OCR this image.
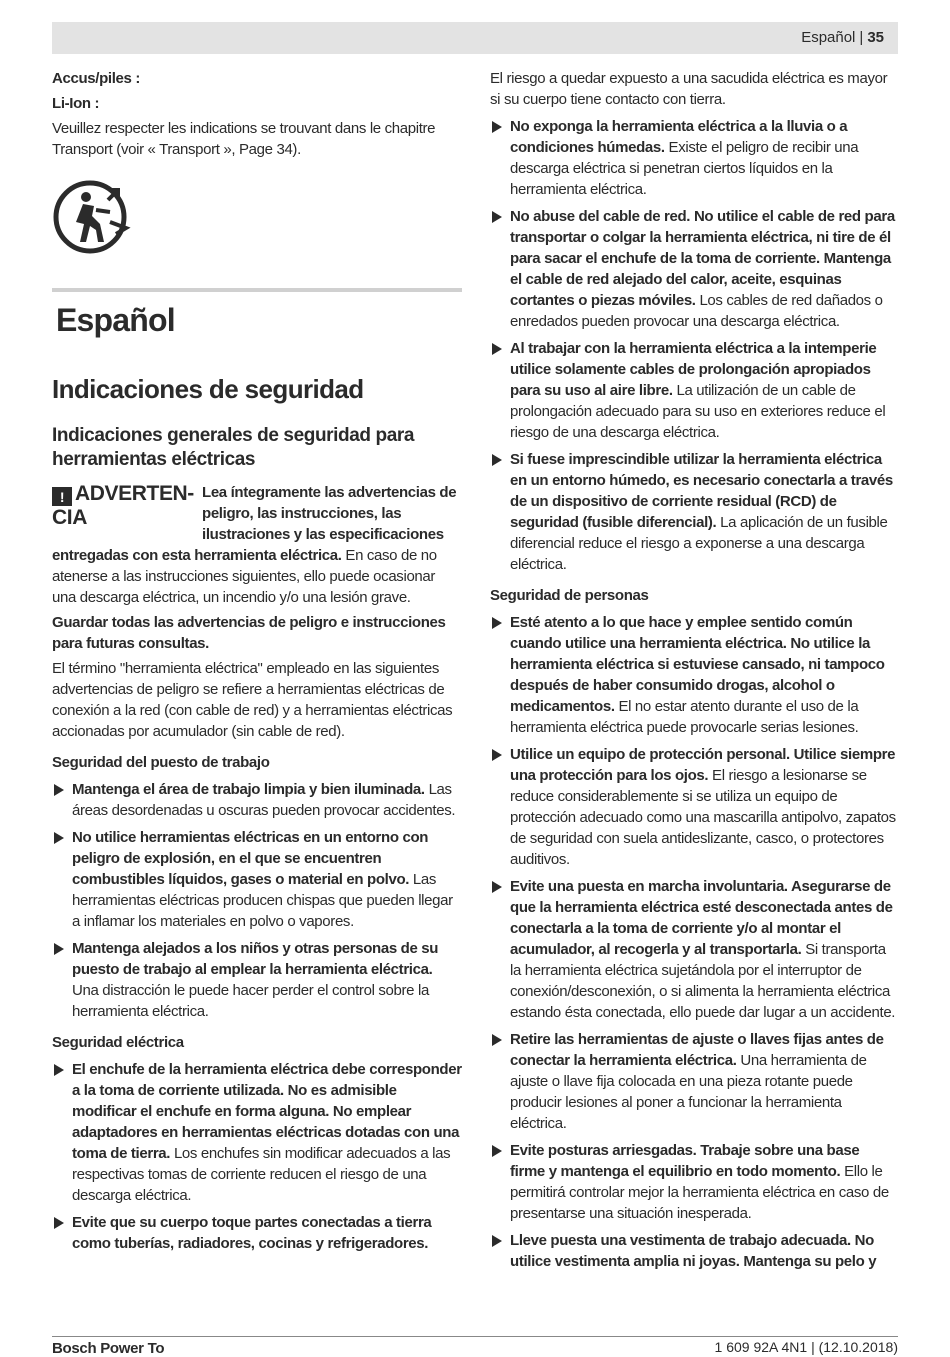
Español | 35

Accus/piles :

Li-Ion :

Veuillez respecter les indications se trouvant dans le chapitre Transport (voir « Transport », Page 34).

Español
Indicaciones de seguridad
Indicaciones generales de seguridad para herramientas eléctricas
! ADVERTEN- CIA

Lea íntegramente las advertencias de peligro, las instrucciones, las ilustraciones y las especificaciones entregadas con esta herramienta eléctrica. En caso de no atenerse a las instrucciones siguientes, ello puede ocasionar una descarga eléctrica, un incendio y/o una lesión grave.

Guardar todas las advertencias de peligro e instrucciones para futuras consultas.

El término "herramienta eléctrica" empleado en las siguientes advertencias de peligro se refiere a herramientas eléctricas de conexión a la red (con cable de red) y a herramientas eléctricas accionadas por acumulador (sin cable de red).

Seguridad del puesto de trabajo

Mantenga el área de trabajo limpia y bien iluminada. Las áreas desordenadas u oscuras pueden provocar accidentes.

No utilice herramientas eléctricas en un entorno con peligro de explosión, en el que se encuentren combustibles líquidos, gases o material en polvo. Las herramientas eléctricas producen chispas que pueden llegar a inflamar los materiales en polvo o vapores.

Mantenga alejados a los niños y otras personas de su puesto de trabajo al emplear la herramienta eléctrica. Una distracción le puede hacer perder el control sobre la herramienta eléctrica.

Seguridad eléctrica

El enchufe de la herramienta eléctrica debe corresponder a la toma de corriente utilizada. No es admisible modificar el enchufe en forma alguna. No emplear adaptadores en herramientas eléctricas dotadas con una toma de tierra. Los enchufes sin modificar adecuados a las respectivas tomas de corriente reducen el riesgo de una descarga eléctrica.

Evite que su cuerpo toque partes conectadas a tierra como tuberías, radiadores, cocinas y refrigeradores.

El riesgo a quedar expuesto a una sacudida eléctrica es mayor si su cuerpo tiene contacto con tierra.

No exponga la herramienta eléctrica a la lluvia o a condiciones húmedas. Existe el peligro de recibir una descarga eléctrica si penetran ciertos líquidos en la herramienta eléctrica.

No abuse del cable de red. No utilice el cable de red para transportar o colgar la herramienta eléctrica, ni tire de él para sacar el enchufe de la toma de corriente. Mantenga el cable de red alejado del calor, aceite, esquinas cortantes o piezas móviles. Los cables de red dañados o enredados pueden provocar una descarga eléctrica.

Al trabajar con la herramienta eléctrica a la intemperie utilice solamente cables de prolongación apropiados para su uso al aire libre. La utilización de un cable de prolongación adecuado para su uso en exteriores reduce el riesgo de una descarga eléctrica.

Si fuese imprescindible utilizar la herramienta eléctrica en un entorno húmedo, es necesario conectarla a través de un dispositivo de corriente residual (RCD) de seguridad (fusible diferencial). La aplicación de un fusible diferencial reduce el riesgo a exponerse a una descarga eléctrica.

Seguridad de personas

Esté atento a lo que hace y emplee sentido común cuando utilice una herramienta eléctrica. No utilice la herramienta eléctrica si estuviese cansado, ni tampoco después de haber consumido drogas, alcohol o medicamentos. El no estar atento durante el uso de la herramienta eléctrica puede provocarle serias lesiones.

Utilice un equipo de protección personal. Utilice siempre una protección para los ojos. El riesgo a lesionarse se reduce considerablemente si se utiliza un equipo de protección adecuado como una mascarilla antipolvo, zapatos de seguridad con suela antideslizante, casco, o protectores auditivos.

Evite una puesta en marcha involuntaria. Asegurarse de que la herramienta eléctrica esté desconectada antes de conectarla a la toma de corriente y/o al montar el acumulador, al recogerla y al transportarla. Si transporta la herramienta eléctrica sujetándola por el interruptor de conexión/desconexión, o si alimenta la herramienta eléctrica estando ésta conectada, ello puede dar lugar a un accidente.

Retire las herramientas de ajuste o llaves fijas antes de conectar la herramienta eléctrica. Una herramienta de ajuste o llave fija colocada en una pieza rotante puede producir lesiones al poner a funcionar la herramienta eléctrica.

Evite posturas arriesgadas. Trabaje sobre una base firme y mantenga el equilibrio en todo momento. Ello le permitirá controlar mejor la herramienta eléctrica en caso de presentarse una situación inesperada.

Lleve puesta una vestimenta de trabajo adecuada. No utilice vestimenta amplia ni joyas. Mantenga su pelo y

Bosch Power To	1 609 92A 4N1 | (12.10.2018)
